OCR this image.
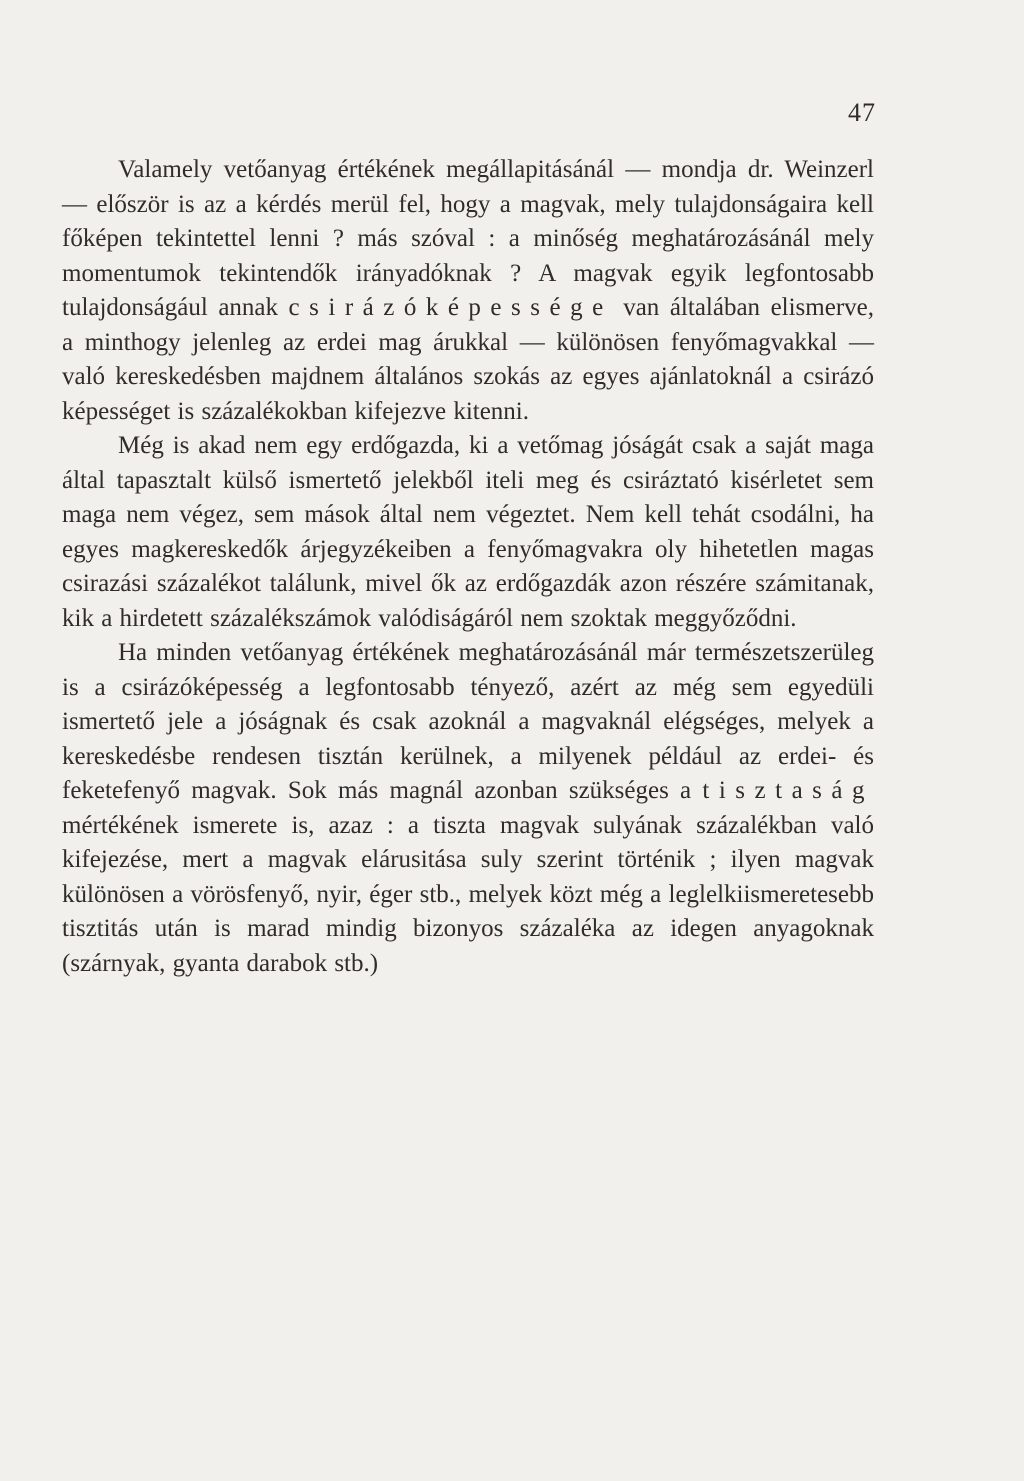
47

Valamely vetőanyag értékének megállapitásánál — mondja dr. Weinzerl — először is az a kérdés merül fel, hogy a magvak, mely tulajdonságaira kell főképen tekintettel lenni ? más szóval : a minőség meghatározásánál mely momentumok tekintendők irányadóknak ? A magvak egyik legfontosabb tulajdonságául annak csirázóképessége van általában elismerve, a minthogy jelenleg az erdei mag árukkal — különösen fenyőmagvakkal — való kereskedésben majdnem általános szokás az egyes ajánlatoknál a csirázó képességet is százalékokban kifejezve kitenni.

Még is akad nem egy erdőgazda, ki a vetőmag jóságát csak a saját maga által tapasztalt külső ismertető jelekből iteli meg és csiráztató kisérletet sem maga nem végez, sem mások által nem végeztet. Nem kell tehát csodálni, ha egyes magkereskedők árjegyzékeiben a fenyőmagvakra oly hihetetlen magas csirazási százalékot találunk, mivel ők az erdőgazdák azon részére számitanak, kik a hirdetett százalékszámok valódiságáról nem szoktak meggyőződni.

Ha minden vetőanyag értékének meghatározásánál már természetszerüleg is a csirázóképesség a legfontosabb tényező, azért az még sem egyedüli ismertető jele a jóságnak és csak azoknál a magvaknál elégséges, melyek a kereskedésbe rendesen tisztán kerülnek, a milyenek például az erdei- és feketefenyő magvak. Sok más magnál azonban szükséges a tisztaság mértékének ismerete is, azaz : a tiszta magvak sulyának százalékban való kifejezése, mert a magvak elárusitása suly szerint történik ; ilyen magvak különösen a vörösfenyő, nyir, éger stb., melyek közt még a leglelkiismeretesebb tisztitás után is marad mindig bizonyos százaléka az idegen anyagoknak (szárnyak, gyanta darabok stb.)
